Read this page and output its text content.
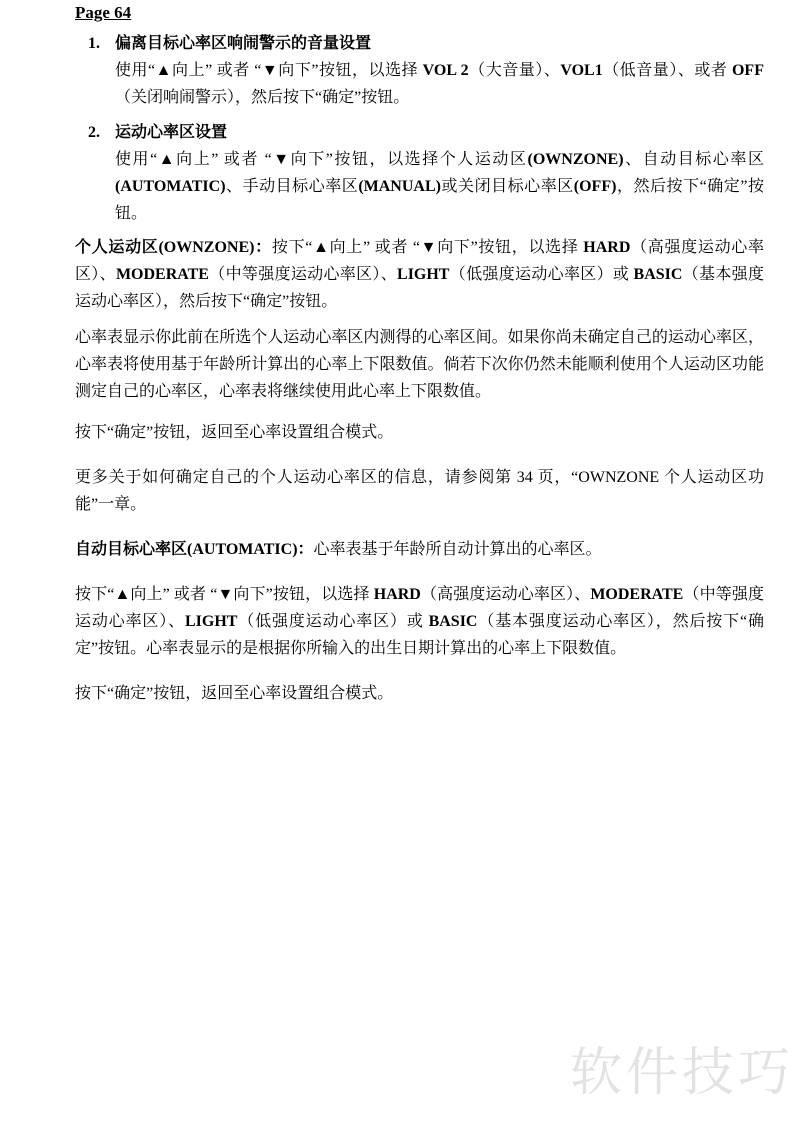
Page 64
1. 偏离目标心率区响闹警示的音量设置

使用“▲向上” 或者 “▼向下”按钮，以选择 VOL 2（大音量）、VOL1（低音量）、或者 OFF（关闭响闹警示），然后按下“确定”按钮。

2. 运动心率区设置

使用“▲向上” 或者 “▼向下”按钮，以选择个人运动区(OWNZONE)、自动目标心率区(AUTOMATIC)、手动目标心率区(MANUAL)或关闭目标心率区(OFF)，然后按下“确定”按钮。

个人运动区(OWNZONE)：按下“▲向上” 或者 “▼向下”按钮，以选择 HARD（高强度运动心率区）、MODERATE（中等强度运动心率区）、LIGHT（低强度运动心率区）或 BASIC（基本强度运动心率区），然后按下“确定”按钮。

心率表显示你此前在所选个人运动心率区内测得的心率区间。如果你尚未确定自己的运动心率区，心率表将使用基于年龄所计算出的心率上下限数值。倘若下次你仍然未能顺利使用个人运动区功能测定自己的心率区，心率表将继续使用此心率上下限数值。

按下“确定”按钮，返回至心率设置组合模式。

更多关于如何确定自己的个人运动心率区的信息，请参阅第 34 页，“OWNZONE 个人运动区功能”一章。

自动目标心率区(AUTOMATIC)：心率表基于年龄所自动计算出的心率区。

按下“▲向上” 或者 “▼向下”按钮，以选择 HARD（高强度运动心率区）、MODERATE（中等强度运动心率区）、LIGHT（低强度运动心率区）或 BASIC（基本强度运动心率区），然后按下“确定”按钮。心率表显示的是根据你所输入的出生日期计算出的心率上下限数值。

按下“确定”按钮，返回至心率设置组合模式。

软件技巧
